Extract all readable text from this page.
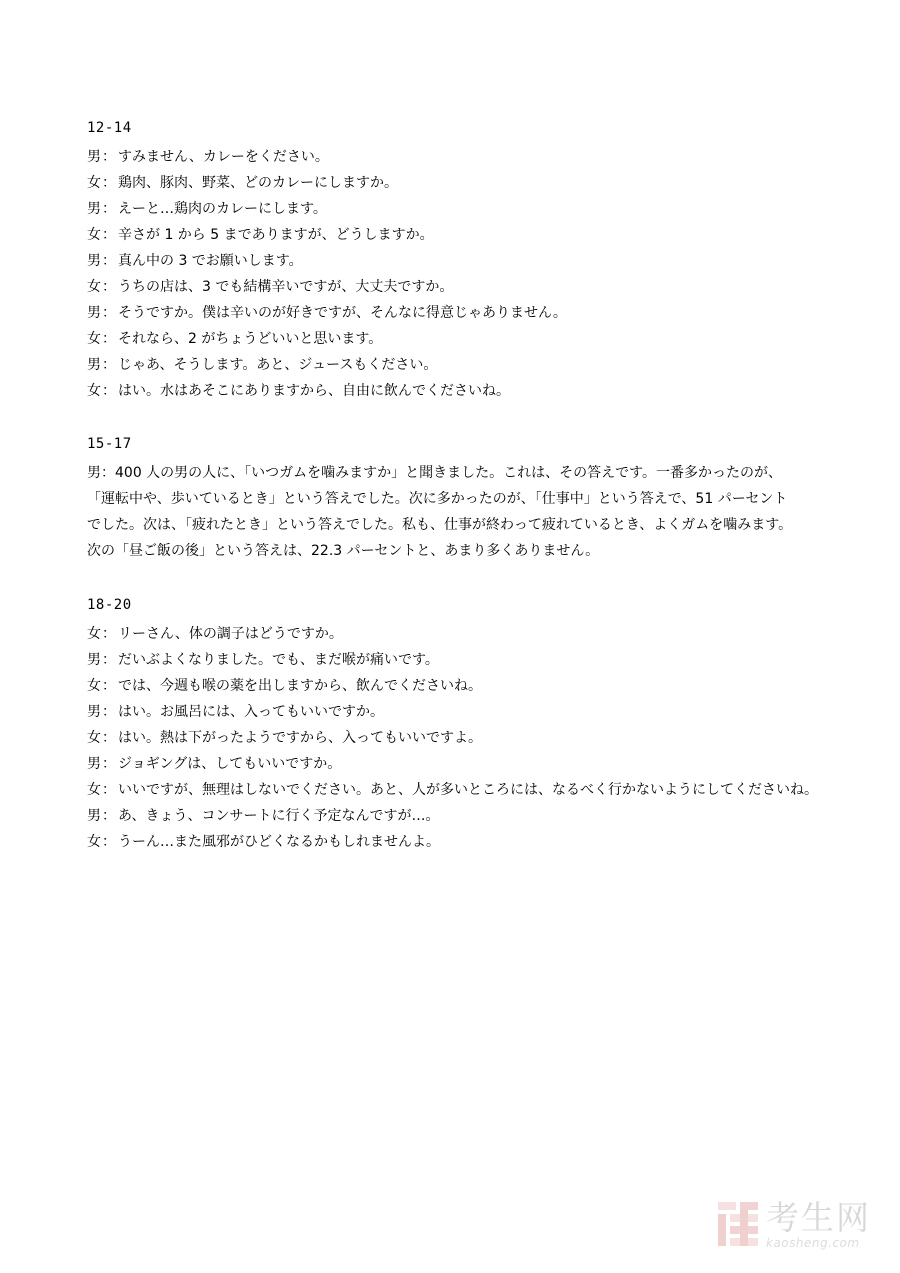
12-14
男： すみません、カレーをください。
女： 鶏肉、豚肉、野菜、どのカレーにしますか。
男： えーと…鶏肉のカレーにします。
女： 辛さが 1 から 5 までありますが、どうしますか。
男： 真ん中の 3 でお願いします。
女： うちの店は、3 でも結構辛いですが、大丈夫ですか。
男： そうですか。僕は辛いのが好きですが、そんなに得意じゃありません。
女： それなら、2 がちょうどいいと思います。
男： じゃあ、そうします。あと、ジュースもください。
女： はい。水はあそこにありますから、自由に飲んでくださいね。
15-17
男：400 人の男の人に、「いつガムを噛みますか」と聞きました。これは、その答えです。一番多かったのが、
「運転中や、歩いているとき」という答えでした。次に多かったのが、「仕事中」という答えで、51 パーセント
でした。次は、「疲れたとき」という答えでした。私も、仕事が終わって疲れているとき、よくガムを噛みます。
次の「昼ご飯の後」という答えは、22.3 パーセントと、あまり多くありません。
18-20
女： リーさん、体の調子はどうですか。
男： だいぶよくなりました。でも、まだ喉が痛いです。
女： では、今週も喉の薬を出しますから、飲んでくださいね。
男： はい。お風呂には、入ってもいいですか。
女： はい。熱は下がったようですから、入ってもいいですよ。
男： ジョギングは、してもいいですか。
女： いいですが、無理はしないでください。あと、人が多いところには、なるべく行かないようにしてくださいね。
男： あ、きょう、コンサートに行く予定なんですが…。
女： うーん…また風邪がひどくなるかもしれませんよ。
考生网
kaosheng.com
